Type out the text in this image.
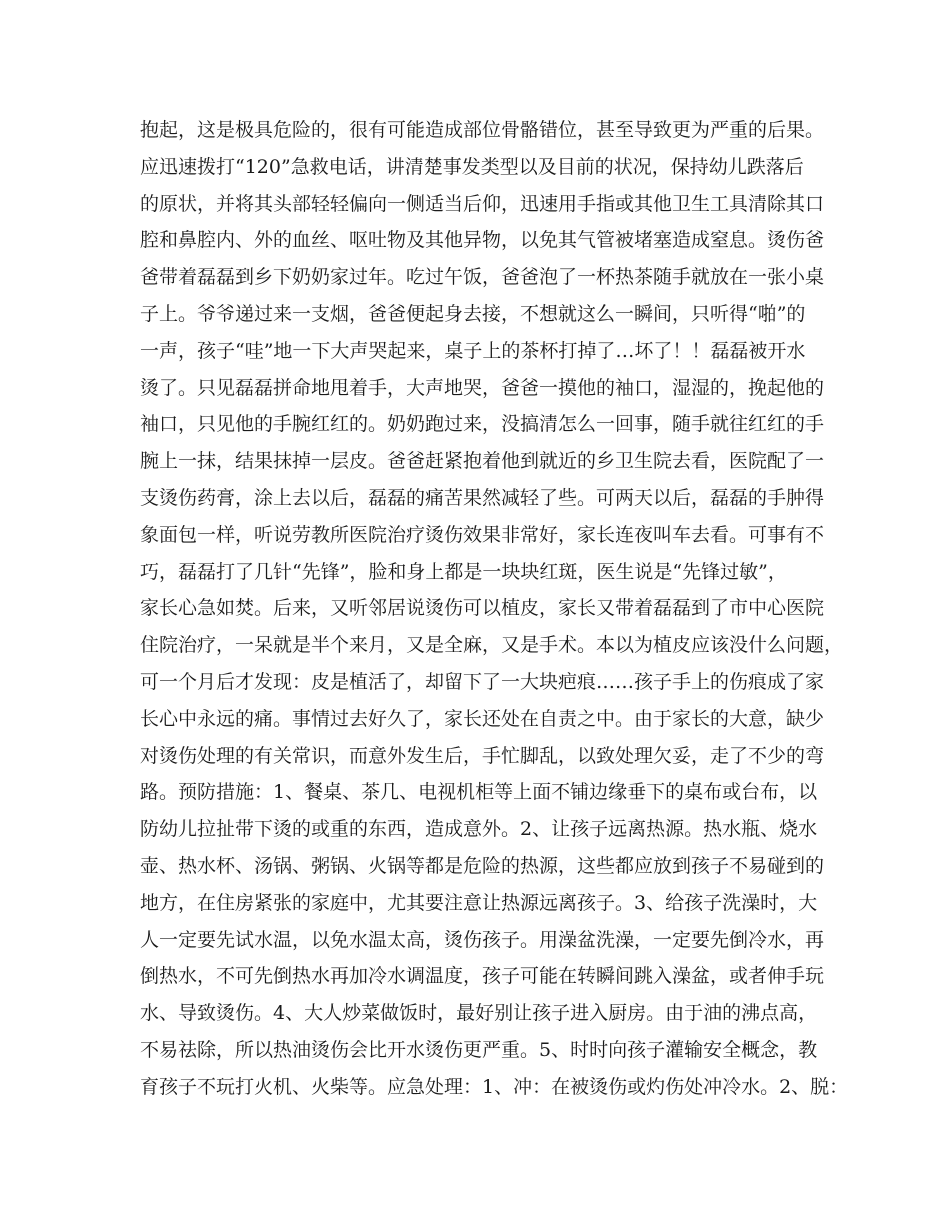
抱起，这是极具危险的，很有可能造成部位骨骼错位，甚至导致更为严重的后果。
应迅速拨打“120”急救电话，讲清楚事发类型以及目前的状况，保持幼儿跌落后
的原状，并将其头部轻轻偏向一侧适当后仰，迅速用手指或其他卫生工具清除其口
腔和鼻腔内、外的血丝、呕吐物及其他异物，以免其气管被堵塞造成窒息。烫伤爸
爸带着磊磊到乡下奶奶家过年。吃过午饭，爸爸泡了一杯热茶随手就放在一张小桌
子上。爷爷递过来一支烟，爸爸便起身去接，不想就这么一瞬间，只听得“啪”的
一声，孩子“哇”地一下大声哭起来，桌子上的茶杯打掉了…坏了！！磊磊被开水
烫了。只见磊磊拼命地甩着手，大声地哭，爸爸一摸他的袖口，湿湿的，挽起他的
袖口，只见他的手腕红红的。奶奶跑过来，没搞清怎么一回事，随手就往红红的手
腕上一抹，结果抹掉一层皮。爸爸赶紧抱着他到就近的乡卫生院去看，医院配了一
支烫伤药膏，涂上去以后，磊磊的痛苦果然减轻了些。可两天以后，磊磊的手肿得
象面包一样，听说劳教所医院治疗烫伤效果非常好，家长连夜叫车去看。可事有不
巧，磊磊打了几针“先锋”，脸和身上都是一块块红斑，医生说是“先锋过敏”，
家长心急如焚。后来，又听邻居说烫伤可以植皮，家长又带着磊磊到了市中心医院
住院治疗，一呆就是半个来月，又是全麻，又是手术。本以为植皮应该没什么问题，
可一个月后才发现：皮是植活了，却留下了一大块疤痕……孩子手上的伤痕成了家
长心中永远的痛。事情过去好久了，家长还处在自责之中。由于家长的大意，缺少
对烫伤处理的有关常识，而意外发生后，手忙脚乱，以致处理欠妥，走了不少的弯
路。预防措施：1、餐桌、茶几、电视机柜等上面不铺边缘垂下的桌布或台布，以
防幼儿拉扯带下烫的或重的东西，造成意外。2、让孩子远离热源。热水瓶、烧水
壶、热水杯、汤锅、粥锅、火锅等都是危险的热源，这些都应放到孩子不易碰到的
地方，在住房紧张的家庭中，尤其要注意让热源远离孩子。3、给孩子洗澡时，大
人一定要先试水温，以免水温太高，烫伤孩子。用澡盆洗澡，一定要先倒冷水，再
倒热水，不可先倒热水再加冷水调温度，孩子可能在转瞬间跳入澡盆，或者伸手玩
水、导致烫伤。4、大人炒菜做饭时，最好别让孩子进入厨房。由于油的沸点高，
不易祛除，所以热油烫伤会比开水烫伤更严重。5、时时向孩子灌输安全概念，教
育孩子不玩打火机、火柴等。应急处理：1、冲：在被烫伤或灼伤处冲冷水。2、脱：
